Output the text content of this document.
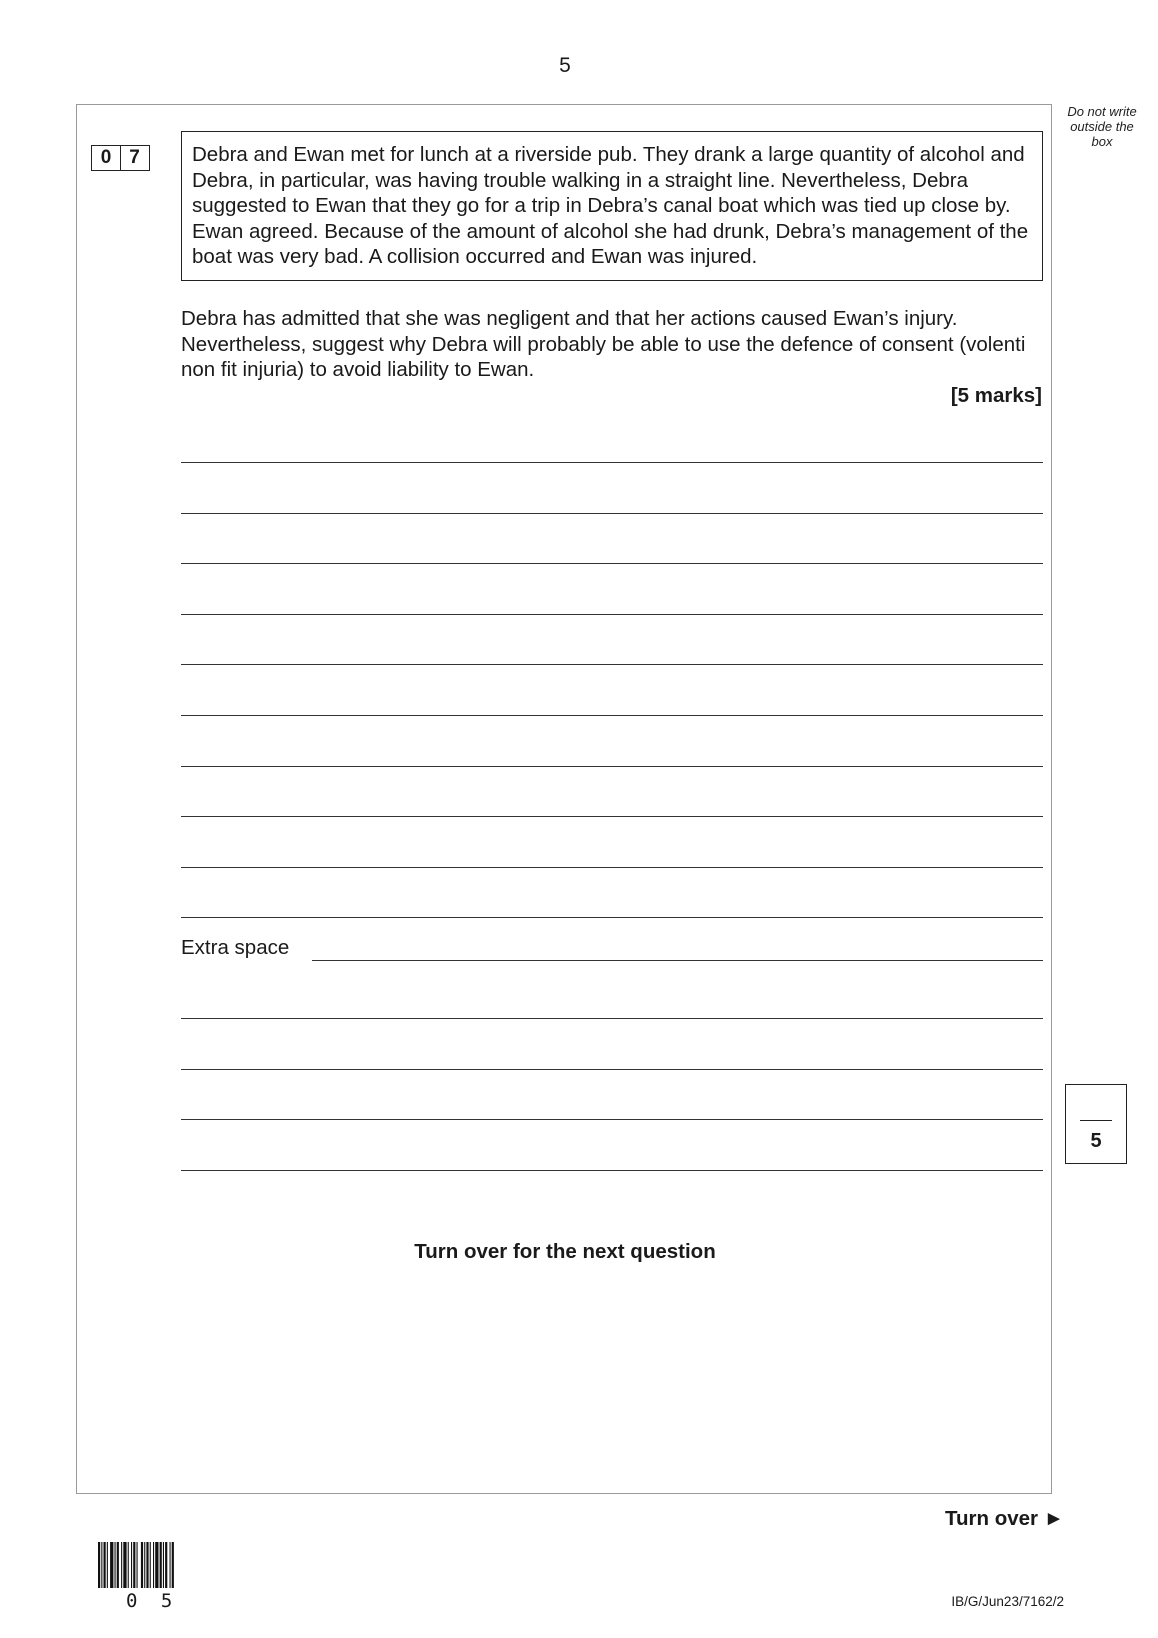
5
Do not write outside the box
0 7	Debra and Ewan met for lunch at a riverside pub. They drank a large quantity of alcohol and Debra, in particular, was having trouble walking in a straight line. Nevertheless, Debra suggested to Ewan that they go for a trip in Debra’s canal boat which was tied up close by. Ewan agreed. Because of the amount of alcohol she had drunk, Debra’s management of the boat was very bad. A collision occurred and Ewan was injured.
Debra has admitted that she was negligent and that her actions caused Ewan’s injury. Nevertheless, suggest why Debra will probably be able to use the defence of consent (volenti non fit injuria) to avoid liability to Ewan.
[5 marks]
Extra space
5
Turn over for the next question
Turn over ►
0 5	IB/G/Jun23/7162/2
